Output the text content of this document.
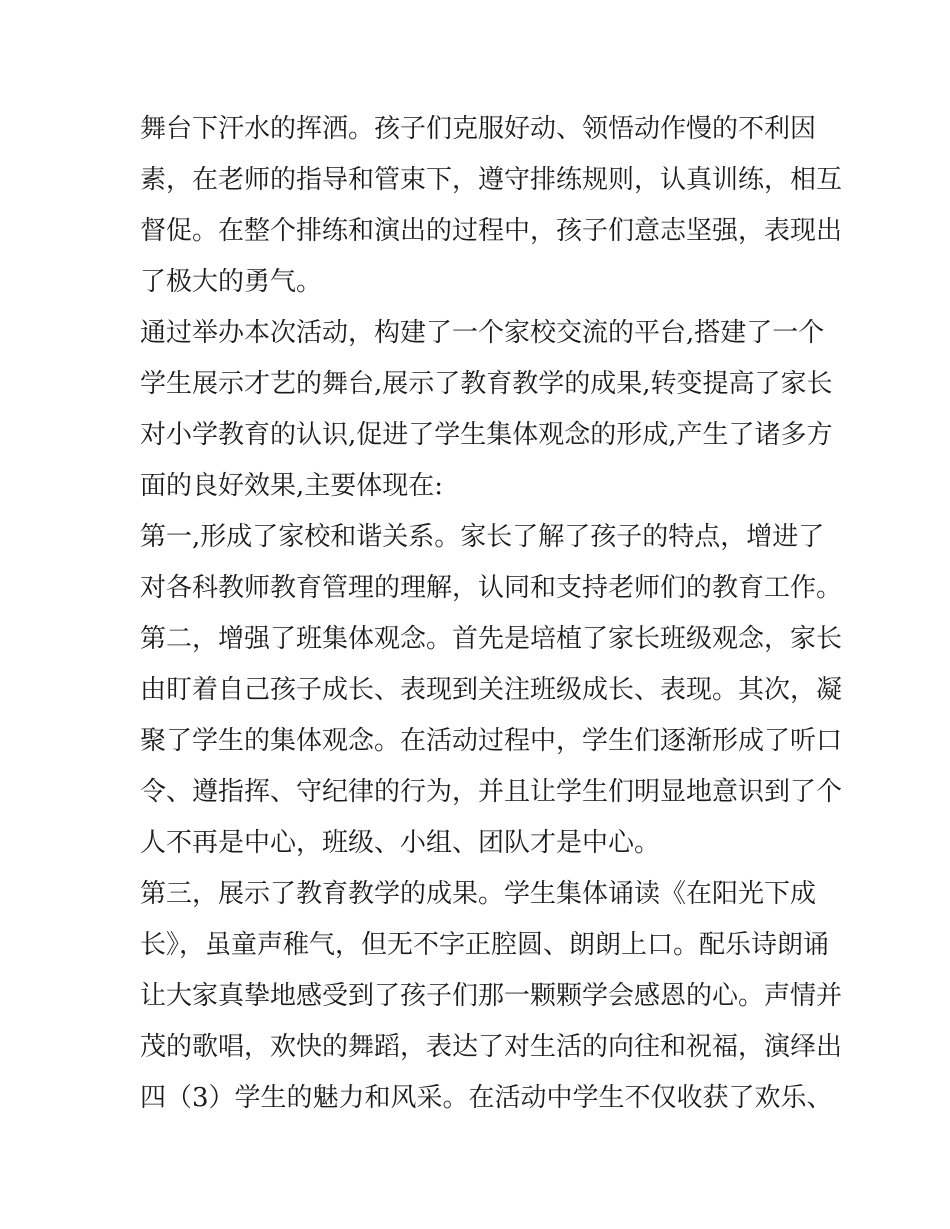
舞台下汗水的挥洒。孩子们克服好动、领悟动作慢的不利因
素，在老师的指导和管束下，遵守排练规则，认真训练，相互
督促。在整个排练和演出的过程中，孩子们意志坚强，表现出
了极大的勇气。
通过举办本次活动，构建了一个家校交流的平台,搭建了一个
学生展示才艺的舞台,展示了教育教学的成果,转变提高了家长
对小学教育的认识,促进了学生集体观念的形成,产生了诸多方
面的良好效果,主要体现在:
第一,形成了家校和谐关系。家长了解了孩子的特点，增进了
对各科教师教育管理的理解，认同和支持老师们的教育工作。
第二，增强了班集体观念。首先是培植了家长班级观念，家长
由盯着自己孩子成长、表现到关注班级成长、表现。其次，凝
聚了学生的集体观念。在活动过程中，学生们逐渐形成了听口
令、遵指挥、守纪律的行为，并且让学生们明显地意识到了个
人不再是中心，班级、小组、团队才是中心。
第三，展示了教育教学的成果。学生集体诵读《在阳光下成
长》，虽童声稚气，但无不字正腔圆、朗朗上口。配乐诗朗诵
让大家真挚地感受到了孩子们那一颗颗学会感恩的心。声情并
茂的歌唱，欢快的舞蹈，表达了对生活的向往和祝福，演绎出
四（3）学生的魅力和风采。在活动中学生不仅收获了欢乐、
